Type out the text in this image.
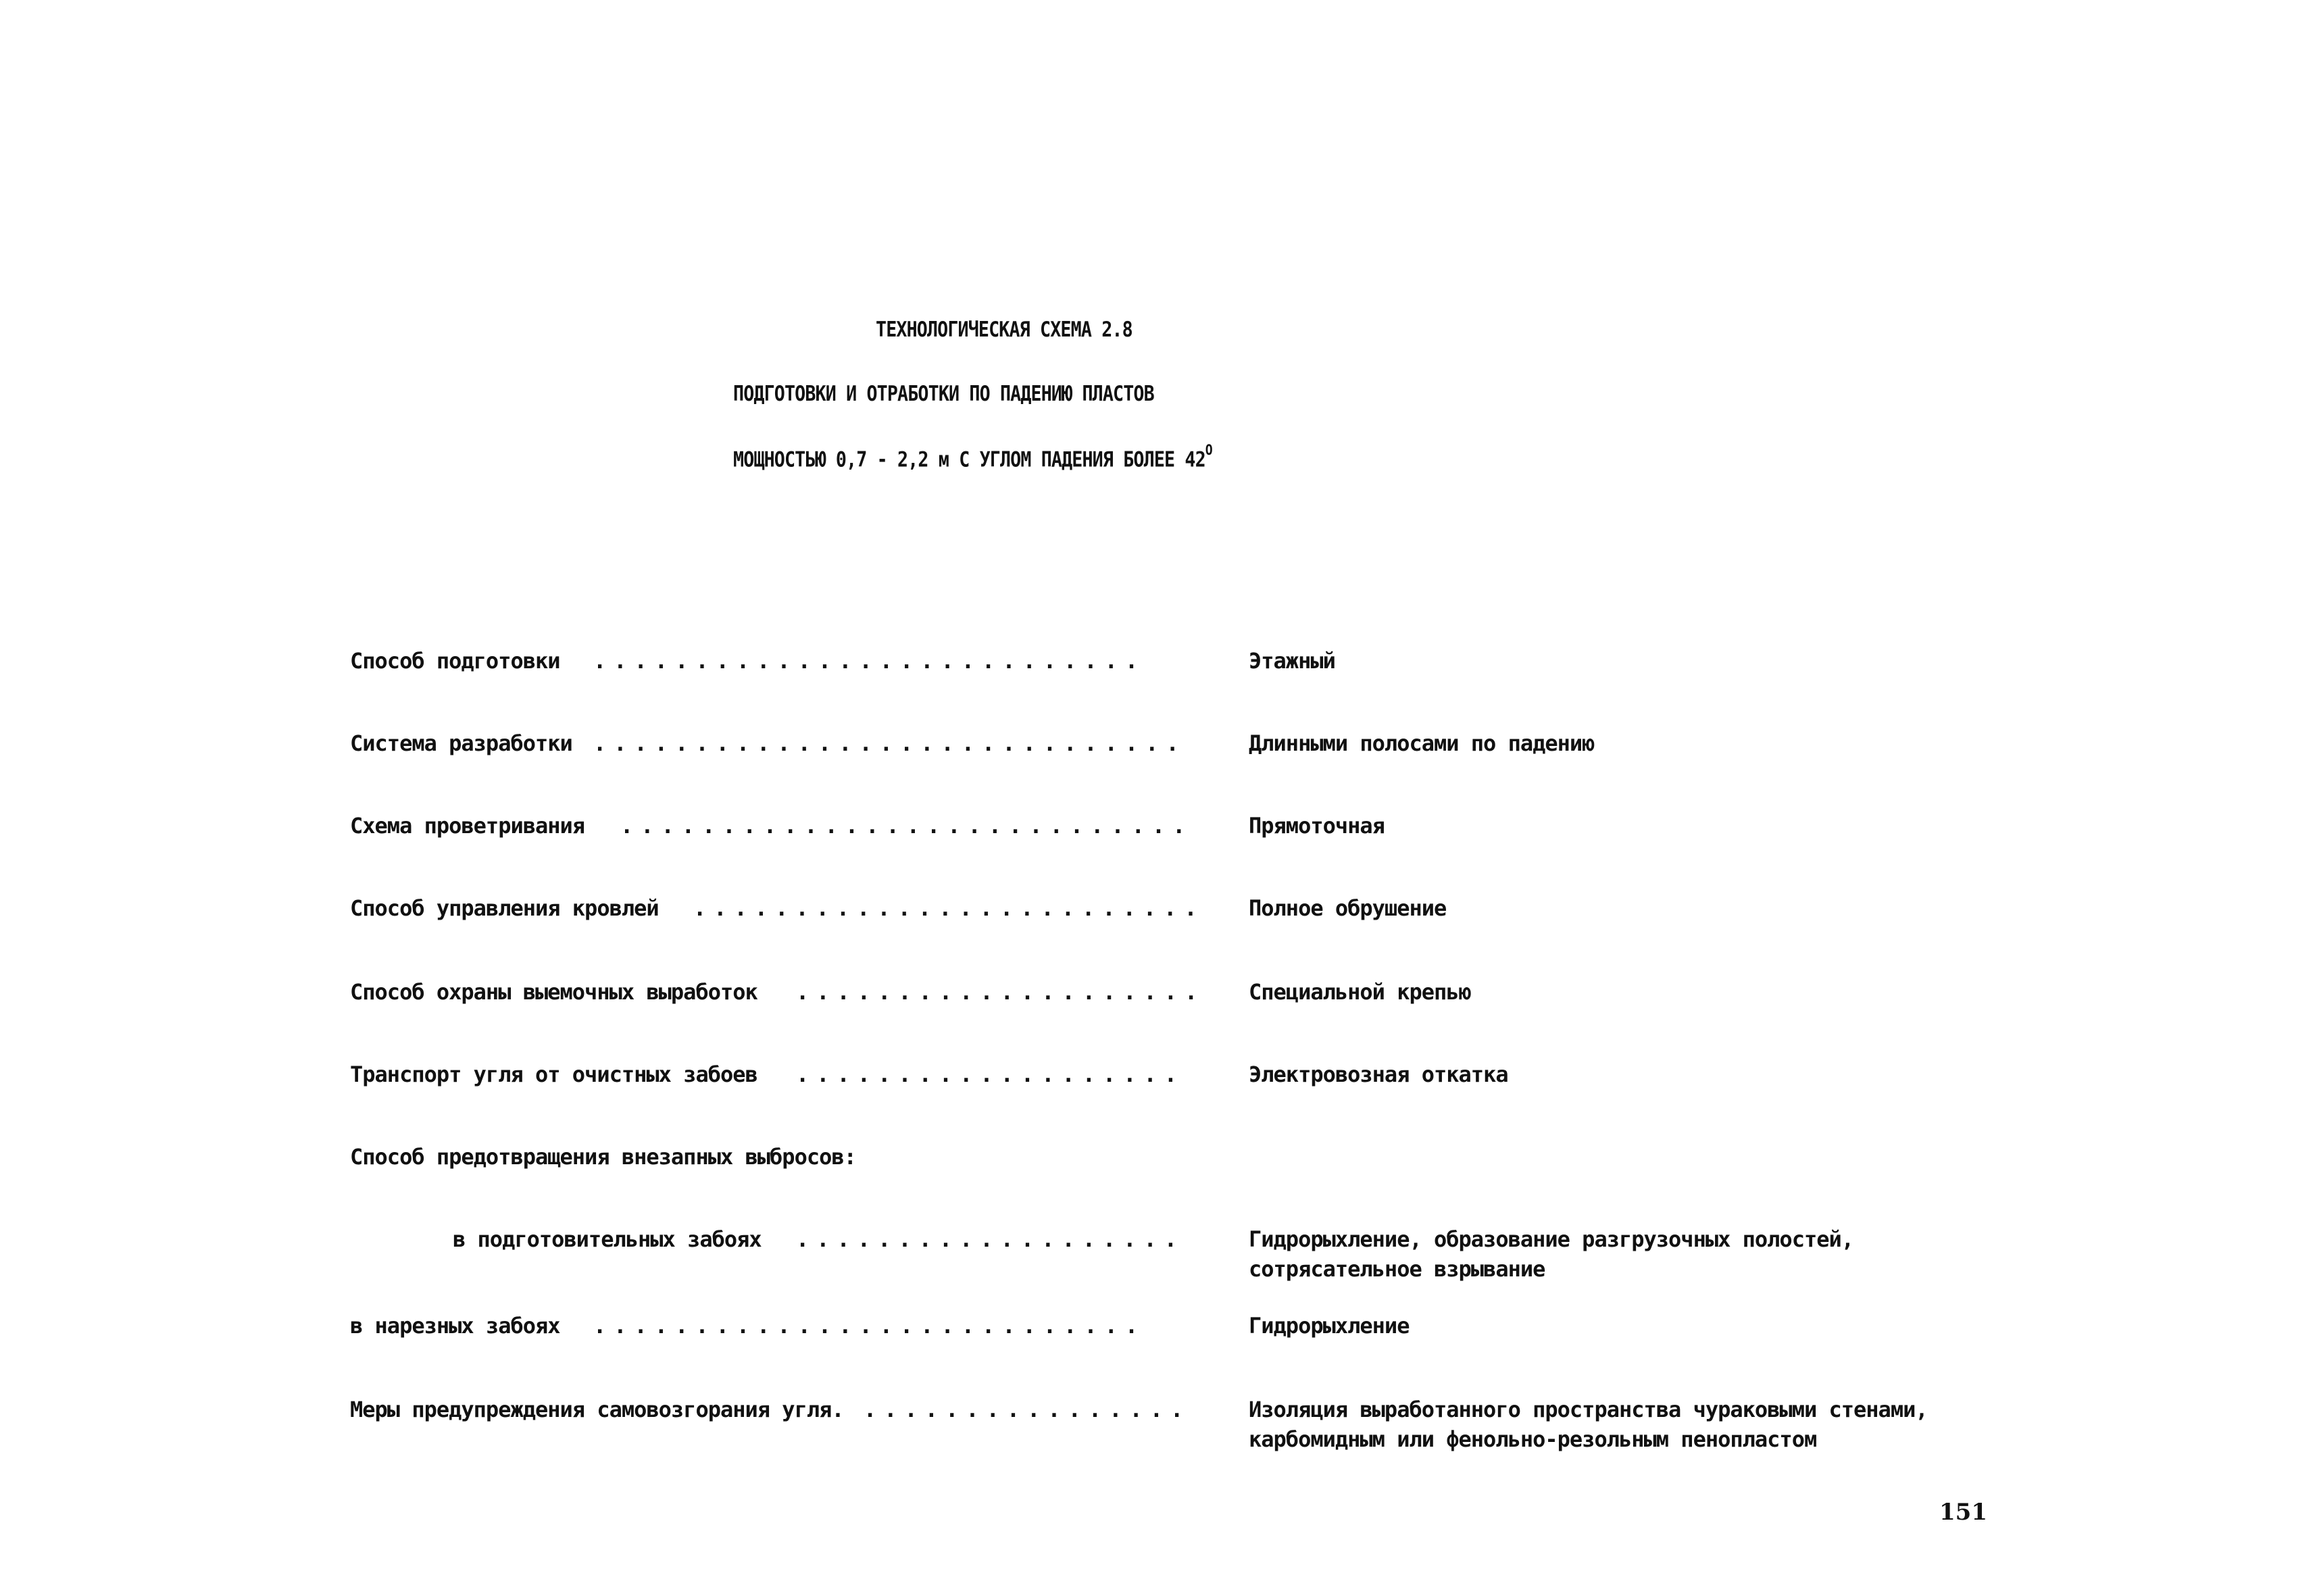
ТЕХНОЛОГИЧЕСКАЯ СХЕМА 2.8
ПОДГОТОВКИ И ОТРАБОТКИ ПО ПАДЕНИЮ ПЛАСТОВ
МОЩНОСТЬЮ 0,7 - 2,2 м С УГЛОМ ПАДЕНИЯ БОЛЕЕ $42^О$
Способ подготовки ...........................	Этажный
Система разработки .............................	Длинными полосами по падению
Схема проветривания ............................	Прямоточная
Способ управления кровлей .........................	Полное обрушение
Способ охраны выемочных выработок ....................	Специальной крепью
Транспорт угля от очистных забоев ...................	Электровозная откатка
Способ предотвращения внезапных выбросов:
в подготовительных забоях ...................	Гидрорыхление, образование разгрузочных полостей,
сотрясательное взрывание
в нарезных забоях ...........................	Гидрорыхление
Меры предупреждения самовозгорания угля. ................	Изоляция выработанного пространства чураковыми стенами,
карбомидным или фенольно-резольным пенопластом
151
